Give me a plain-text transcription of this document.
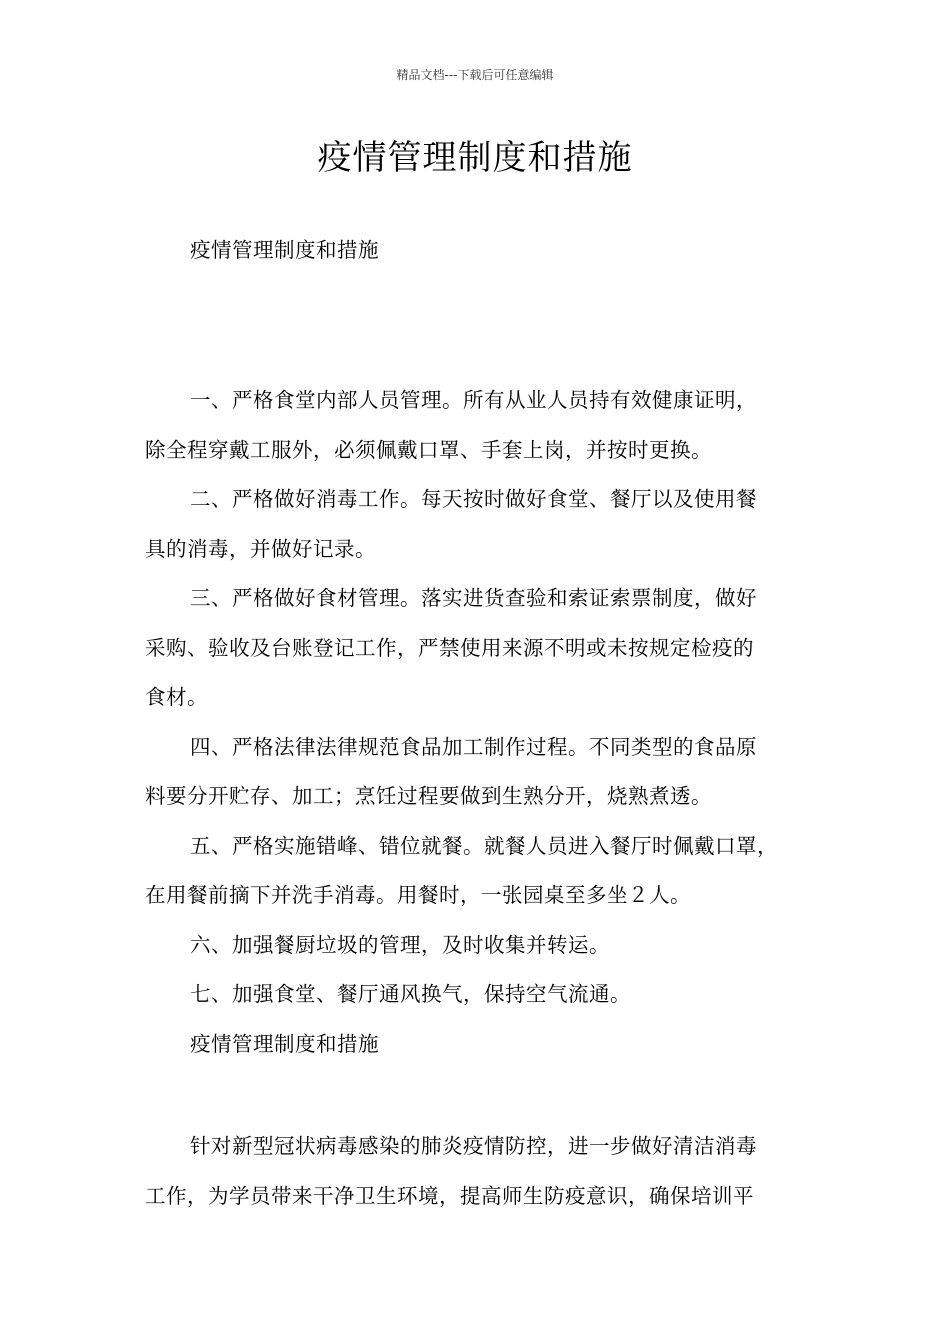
精品文档---下载后可任意编辑
疫情管理制度和措施
疫情管理制度和措施
一、严格食堂内部人员管理。所有从业人员持有效健康证明，
除全程穿戴工服外，必须佩戴口罩、手套上岗，并按时更换。
二、严格做好消毒工作。每天按时做好食堂、餐厅以及使用餐
具的消毒，并做好记录。
三、严格做好食材管理。落实进货查验和索证索票制度，做好
采购、验收及台账登记工作，严禁使用来源不明或未按规定检疫的
食材。
四、严格法律法律规范食品加工制作过程。不同类型的食品原
料要分开贮存、加工；烹饪过程要做到生熟分开，烧熟煮透。
五、严格实施错峰、错位就餐。就餐人员进入餐厅时佩戴口罩，
在用餐前摘下并洗手消毒。用餐时，一张园桌至多坐２人。
六、加强餐厨垃圾的管理，及时收集并转运。
七、加强食堂、餐厅通风换气，保持空气流通。
疫情管理制度和措施
针对新型冠状病毒感染的肺炎疫情防控，进一步做好清洁消毒
工作，为学员带来干净卫生环境，提高师生防疫意识，确保培训平
